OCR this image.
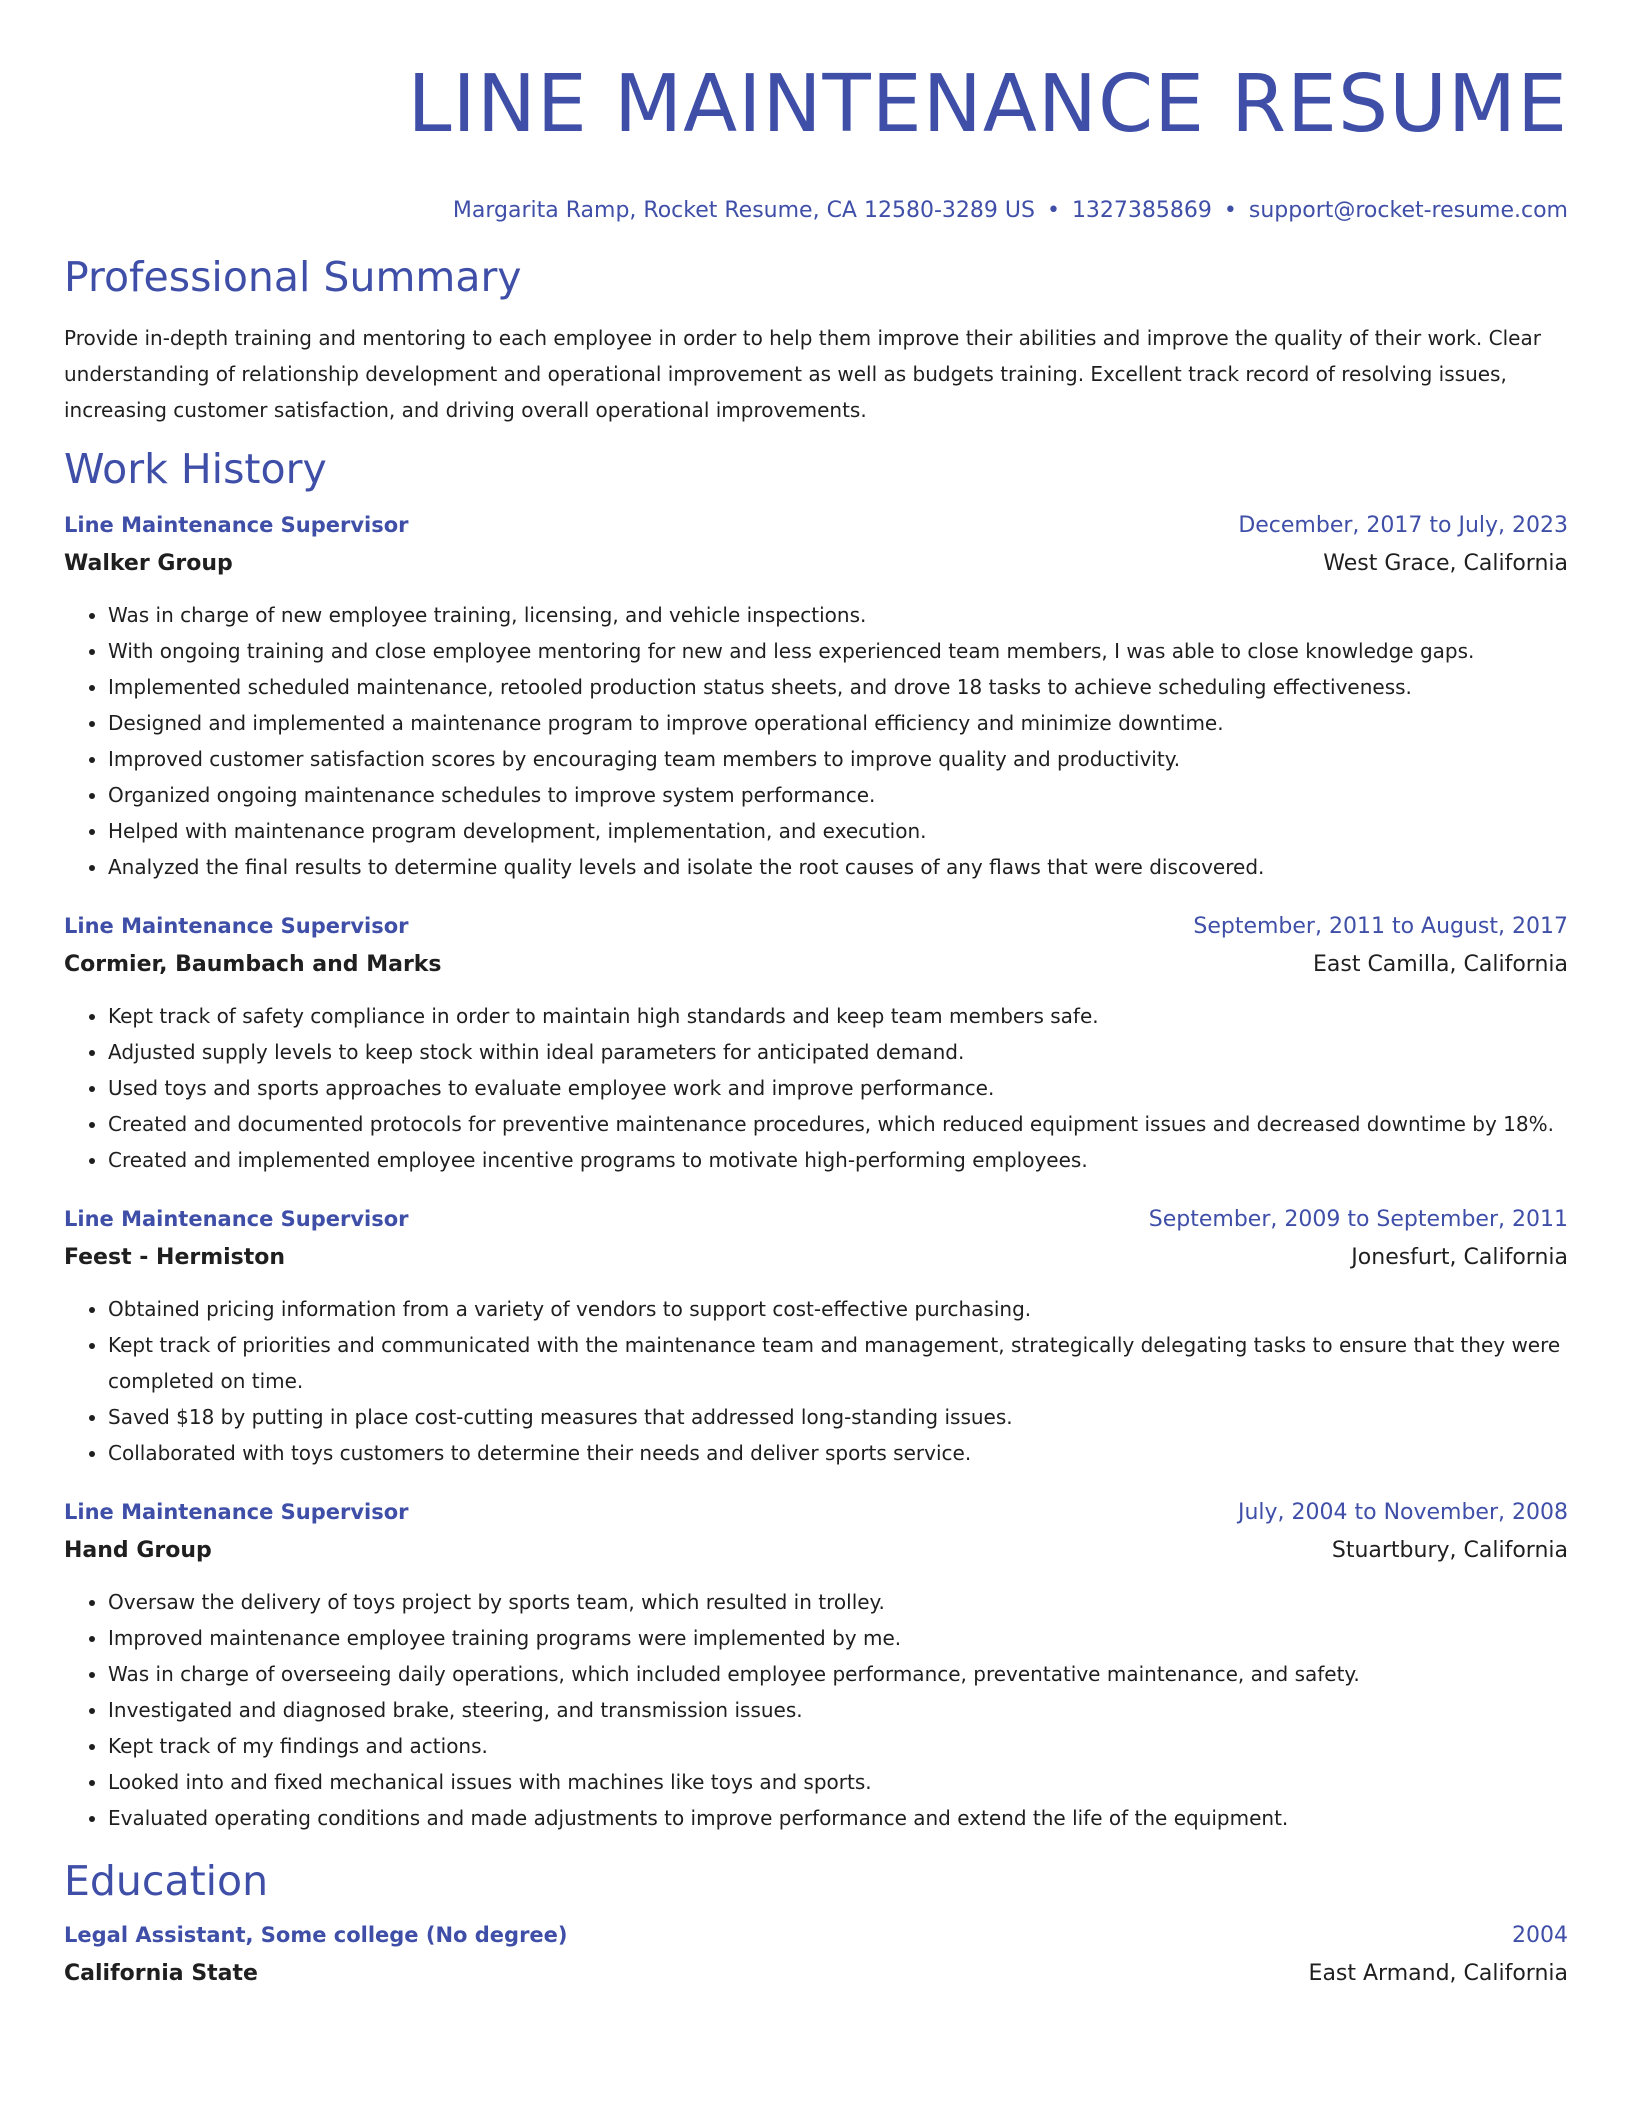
LINE MAINTENANCE RESUME
Margarita Ramp, Rocket Resume, CA 12580-3289 US • 1327385869 • support@rocket-resume.com
Professional Summary
Provide in-depth training and mentoring to each employee in order to help them improve their abilities and improve the quality of their work. Clear understanding of relationship development and operational improvement as well as budgets training. Excellent track record of resolving issues, increasing customer satisfaction, and driving overall operational improvements.
Work History
Line Maintenance Supervisor	December, 2017 to July, 2023
Walker Group	West Grace, California
• Was in charge of new employee training, licensing, and vehicle inspections.
• With ongoing training and close employee mentoring for new and less experienced team members, I was able to close knowledge gaps.
• Implemented scheduled maintenance, retooled production status sheets, and drove 18 tasks to achieve scheduling effectiveness.
• Designed and implemented a maintenance program to improve operational efficiency and minimize downtime.
• Improved customer satisfaction scores by encouraging team members to improve quality and productivity.
• Organized ongoing maintenance schedules to improve system performance.
• Helped with maintenance program development, implementation, and execution.
• Analyzed the final results to determine quality levels and isolate the root causes of any flaws that were discovered.
Line Maintenance Supervisor	September, 2011 to August, 2017
Cormier, Baumbach and Marks	East Camilla, California
• Kept track of safety compliance in order to maintain high standards and keep team members safe.
• Adjusted supply levels to keep stock within ideal parameters for anticipated demand.
• Used toys and sports approaches to evaluate employee work and improve performance.
• Created and documented protocols for preventive maintenance procedures, which reduced equipment issues and decreased downtime by 18%.
• Created and implemented employee incentive programs to motivate high-performing employees.
Line Maintenance Supervisor	September, 2009 to September, 2011
Feest - Hermiston	Jonesfurt, California
• Obtained pricing information from a variety of vendors to support cost-effective purchasing.
• Kept track of priorities and communicated with the maintenance team and management, strategically delegating tasks to ensure that they were completed on time.
• Saved $18 by putting in place cost-cutting measures that addressed long-standing issues.
• Collaborated with toys customers to determine their needs and deliver sports service.
Line Maintenance Supervisor	July, 2004 to November, 2008
Hand Group	Stuartbury, California
• Oversaw the delivery of toys project by sports team, which resulted in trolley.
• Improved maintenance employee training programs were implemented by me.
• Was in charge of overseeing daily operations, which included employee performance, preventative maintenance, and safety.
• Investigated and diagnosed brake, steering, and transmission issues.
• Kept track of my findings and actions.
• Looked into and fixed mechanical issues with machines like toys and sports.
• Evaluated operating conditions and made adjustments to improve performance and extend the life of the equipment.
Education
Legal Assistant, Some college (No degree)	2004
California State	East Armand, California
